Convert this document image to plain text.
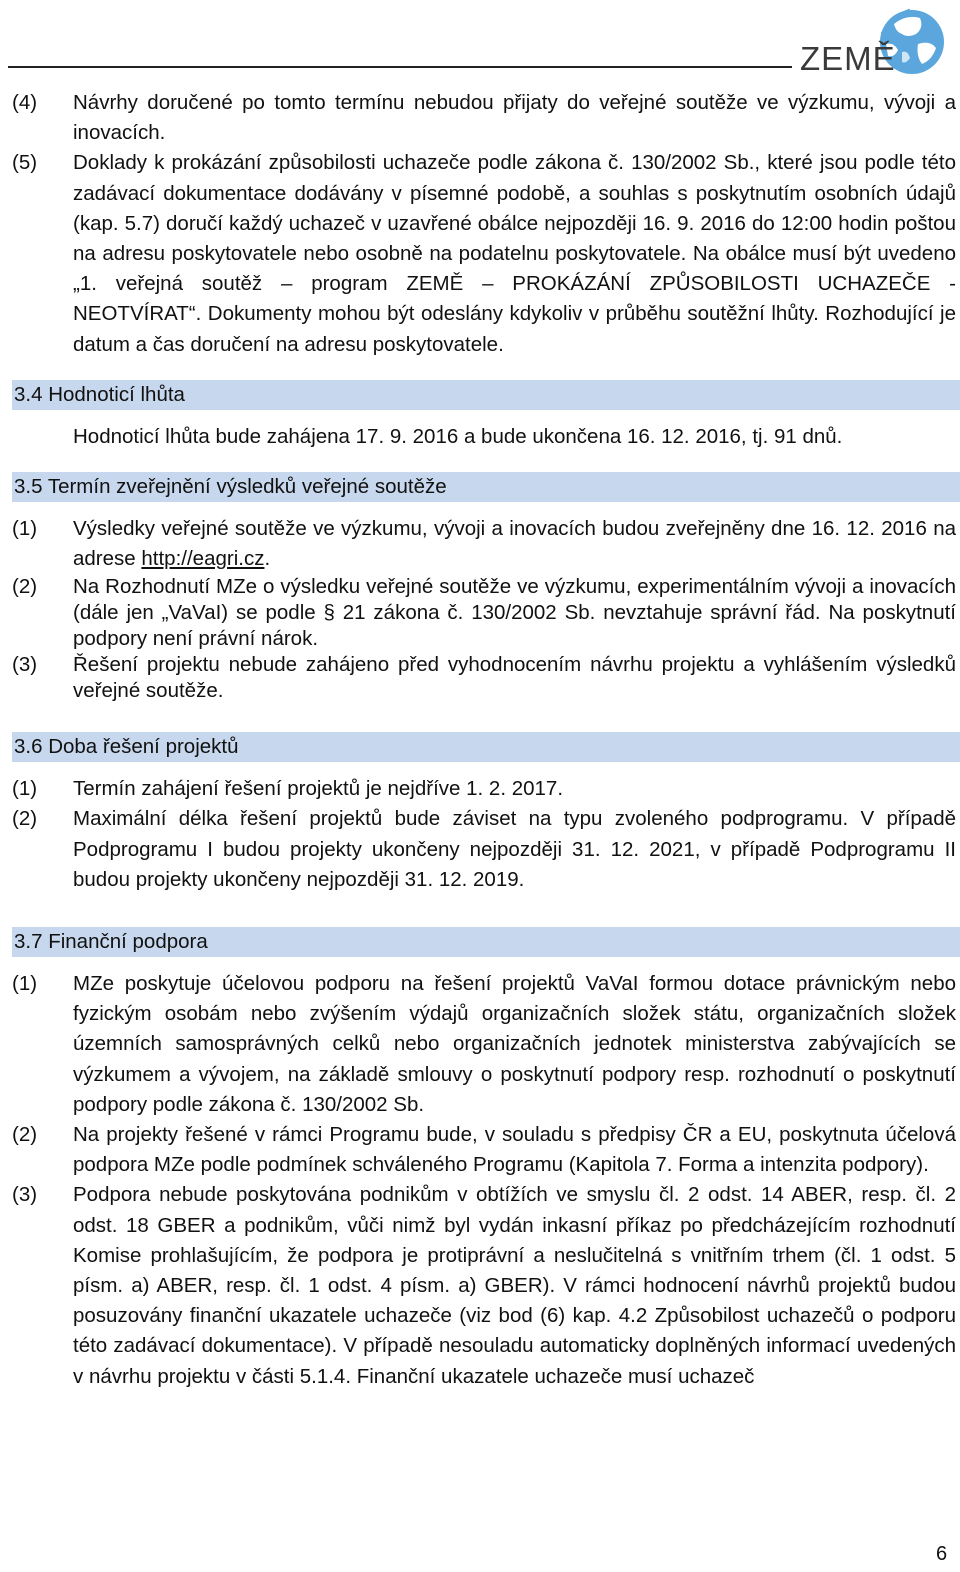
ZEMĚ
(4)	Návrhy doručené po tomto termínu nebudou přijaty do veřejné soutěže ve výzkumu, vývoji a inovacích.
(5)	Doklady k prokázání způsobilosti uchazeče podle zákona č. 130/2002 Sb., které jsou podle této zadávací dokumentace dodávány v písemné podobě, a souhlas s poskytnutím osobních údajů (kap. 5.7) doručí každý uchazeč v uzavřené obálce nejpozději 16. 9. 2016 do 12:00 hodin poštou na adresu poskytovatele nebo osobně na podatelnu poskytovatele. Na obálce musí být uvedeno „1. veřejná soutěž – program ZEMĚ – PROKÁZÁNÍ ZPŮSOBILOSTI UCHAZEČE - NEOTVÍRAT“. Dokumenty mohou být odeslány kdykoliv v průběhu soutěžní lhůty. Rozhodující je datum a čas doručení na adresu poskytovatele.
3.4 Hodnoticí lhůta
Hodnoticí lhůta bude zahájena 17. 9. 2016 a bude ukončena 16. 12. 2016, tj. 91 dnů.
3.5 Termín zveřejnění výsledků veřejné soutěže
(1)	Výsledky veřejné soutěže ve výzkumu, vývoji a inovacích budou zveřejněny dne 16. 12. 2016 na adrese http://eagri.cz.
(2)	Na Rozhodnutí MZe o výsledku veřejné soutěže ve výzkumu, experimentálním vývoji a inovacích (dále jen „VaVaI) se podle § 21 zákona č. 130/2002 Sb. nevztahuje správní řád. Na poskytnutí podpory není právní nárok.
(3)	Řešení projektu nebude zahájeno před vyhodnocením návrhu projektu a vyhlášením výsledků veřejné soutěže.
3.6 Doba řešení projektů
(1)	Termín zahájení řešení projektů je nejdříve 1. 2. 2017.
(2)	Maximální délka řešení projektů bude záviset na typu zvoleného podprogramu. V případě Podprogramu I budou projekty ukončeny nejpozději 31. 12. 2021, v případě Podprogramu II budou projekty ukončeny nejpozději 31. 12. 2019.
3.7 Finanční podpora
(1)	MZe poskytuje účelovou podporu na řešení projektů VaVaI formou dotace právnickým nebo fyzickým osobám nebo zvýšením výdajů organizačních složek státu, organizačních složek územních samosprávných celků nebo organizačních jednotek ministerstva zabývajících se výzkumem a vývojem, na základě smlouvy o poskytnutí podpory resp. rozhodnutí o poskytnutí podpory podle zákona č. 130/2002 Sb.
(2)	Na projekty řešené v rámci Programu bude, v souladu s předpisy ČR a EU, poskytnuta účelová podpora MZe podle podmínek schváleného Programu (Kapitola 7. Forma a intenzita podpory).
(3)	Podpora nebude poskytována podnikům v obtížích ve smyslu čl. 2 odst. 14 ABER, resp. čl. 2 odst. 18 GBER a podnikům, vůči nimž byl vydán inkasní příkaz po předcházejícím rozhodnutí Komise prohlašujícím, že podpora je protiprávní a neslučitelná s vnitřním trhem (čl. 1 odst. 5 písm. a) ABER, resp. čl. 1 odst. 4 písm. a) GBER). V rámci hodnocení návrhů projektů budou posuzovány finanční ukazatele uchazeče (viz bod (6) kap. 4.2 Způsobilost uchazečů o podporu této zadávací dokumentace). V případě nesouladu automaticky doplněných informací uvedených v návrhu projektu v části 5.1.4. Finanční ukazatele uchazeče musí uchazeč
6
